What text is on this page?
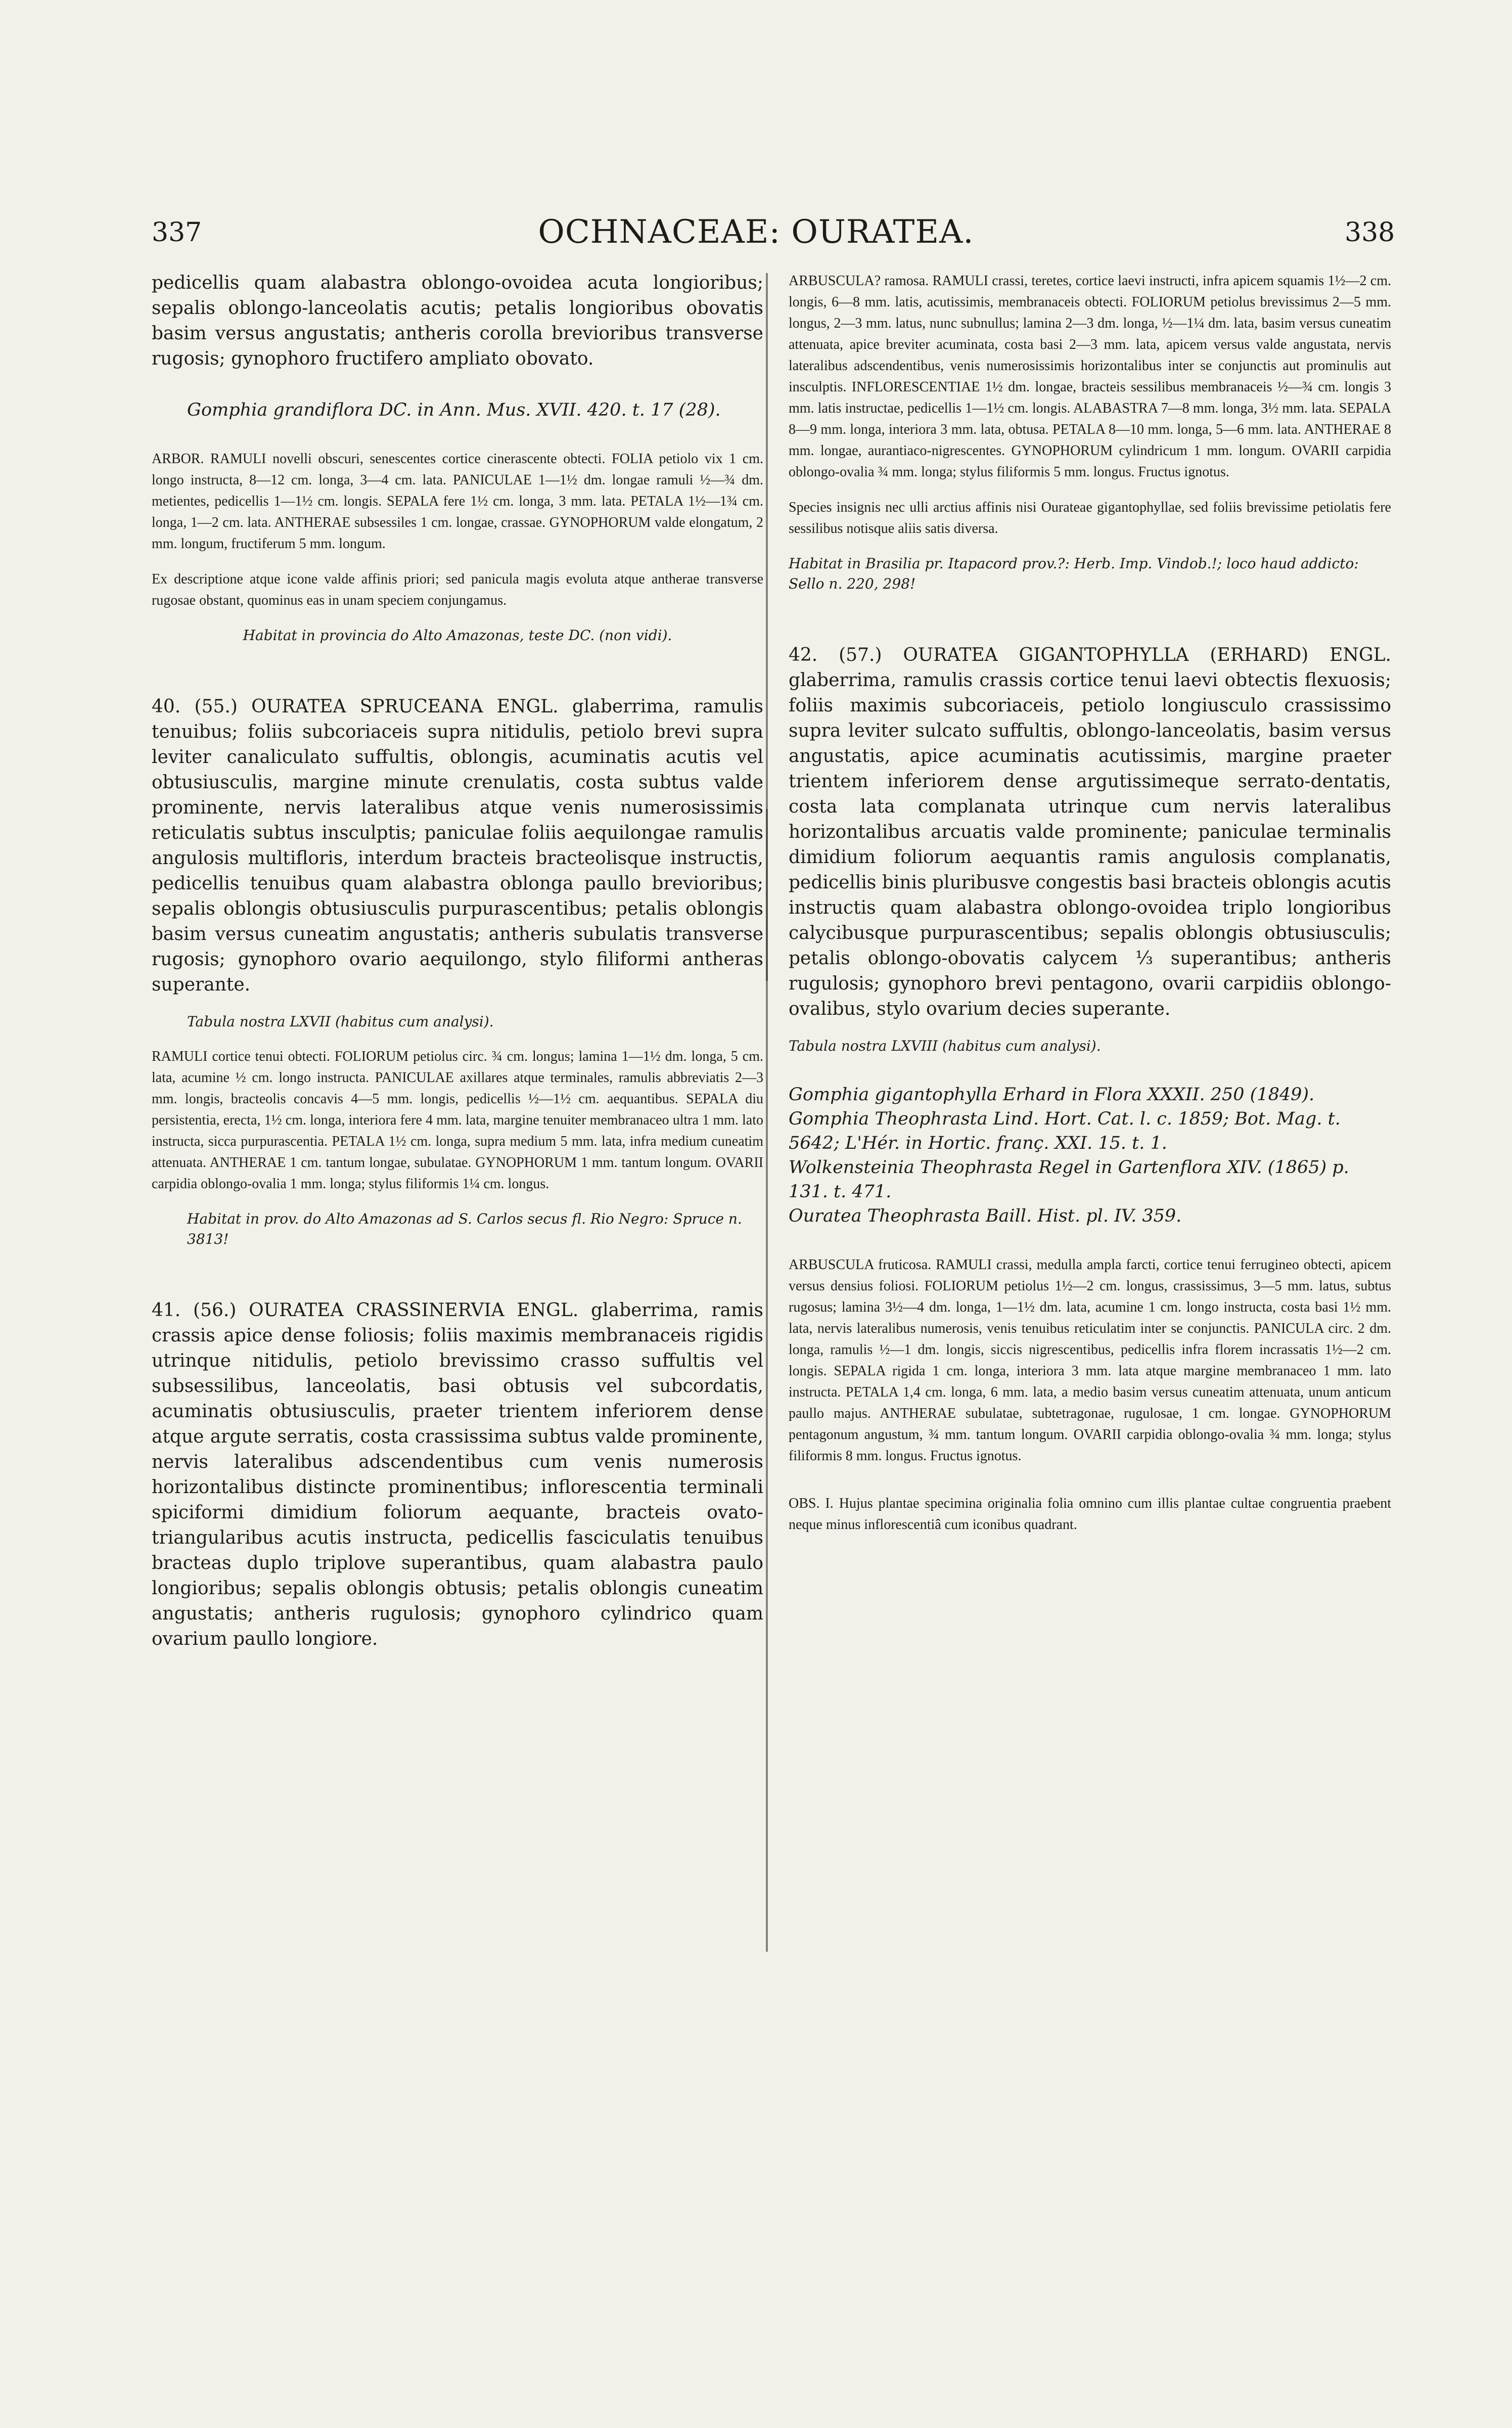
337	OCHNACEAE: OURATEA.	338

pedicellis quam alabastra oblongo-ovoidea acuta longioribus; sepalis oblongo-lanceolatis acutis; petalis longioribus obovatis basim versus angustatis; antheris corolla brevioribus transverse rugosis; gynophoro fructifero ampliato obovato.

Gomphia grandiflora DC. in Ann. Mus. XVII. 420. t. 17 (28).

ARBOR. RAMULI novelli obscuri, senescentes cortice cinerascente obtecti. FOLIA petiolo vix 1 cm. longo instructa, 8—12 cm. longa, 3—4 cm. lata. PANICULAE 1—1½ dm. longae ramuli ½—¾ dm. metientes, pedicellis 1—1½ cm. longis. SEPALA fere 1½ cm. longa, 3 mm. lata. PETALA 1½—1¾ cm. longa, 1—2 cm. lata. ANTHERAE subsessiles 1 cm. longae, crassae. GYNOPHORUM valde elongatum, 2 mm. longum, fructiferum 5 mm. longum.

Ex descriptione atque icone valde affinis priori; sed panicula magis evoluta atque antherae transverse rugosae obstant, quominus eas in unam speciem conjungamus.

Habitat in provincia do Alto Amazonas, teste DC. (non vidi).

40. (55.) OURATEA SPRUCEANA ENGL. glaberrima, ramulis tenuibus; foliis subcoriaceis supra nitidulis, petiolo brevi supra leviter canaliculato suffultis, oblongis, acuminatis acutis vel obtusiusculis, margine minute crenulatis, costa subtus valde prominente, nervis lateralibus atque venis numerosissimis reticulatis subtus insculptis; paniculae foliis aequilongae ramulis angulosis multifloris, interdum bracteis bracteolisque instructis, pedicellis tenuibus quam alabastra oblonga paullo brevioribus; sepalis oblongis obtusiusculis purpurascentibus; petalis oblongis basim versus cuneatim angustatis; antheris subulatis transverse rugosis; gynophoro ovario aequilongo, stylo filiformi antheras superante.

Tabula nostra LXVII (habitus cum analysi).

RAMULI cortice tenui obtecti. FOLIORUM petiolus circ. ¾ cm. longus; lamina 1—1½ dm. longa, 5 cm. lata, acumine ½ cm. longo instructa. PANICULAE axillares atque terminales, ramulis abbreviatis 2—3 mm. longis, bracteolis concavis 4—5 mm. longis, pedicellis ½—1½ cm. aequantibus. SEPALA diu persistentia, erecta, 1½ cm. longa, interiora fere 4 mm. lata, margine tenuiter membranaceo ultra 1 mm. lato instructa, sicca purpurascentia. PETALA 1½ cm. longa, supra medium 5 mm. lata, infra medium cuneatim attenuata. ANTHERAE 1 cm. tantum longae, subulatae. GYNOPHORUM 1 mm. tantum longum. OVARII carpidia oblongo-ovalia 1 mm. longa; stylus filiformis 1¼ cm. longus.

Habitat in prov. do Alto Amazonas ad S. Carlos secus fl. Rio Negro: Spruce n. 3813!

41. (56.) OURATEA CRASSINERVIA ENGL. glaberrima, ramis crassis apice dense foliosis; foliis maximis membranaceis rigidis utrinque nitidulis, petiolo brevissimo crasso suffultis vel subsessilibus, lanceolatis, basi obtusis vel subcordatis, acuminatis obtusiusculis, praeter trientem inferiorem dense atque argute serratis, costa crassissima subtus valde prominente, nervis lateralibus adscendentibus cum venis numerosis horizontalibus distincte prominentibus; inflorescentia terminali spiciformi dimidium foliorum aequante, bracteis ovato-triangularibus acutis instructa, pedicellis fasciculatis tenuibus bracteas duplo triplove superantibus, quam alabastra paulo longioribus; sepalis oblongis obtusis; petalis oblongis cuneatim angustatis; antheris rugulosis; gynophoro cylindrico quam ovarium paullo longiore.

ARBUSCULA? ramosa. RAMULI crassi, teretes, cortice laevi instructi, infra apicem squamis 1½—2 cm. longis, 6—8 mm. latis, acutissimis, membranaceis obtecti. FOLIORUM petiolus brevissimus 2—5 mm. longus, 2—3 mm. latus, nunc subnullus; lamina 2—3 dm. longa, ½—1¼ dm. lata, basim versus cuneatim attenuata, apice breviter acuminata, costa basi 2—3 mm. lata, apicem versus valde angustata, nervis lateralibus adscendentibus, venis numerosissimis horizontalibus inter se conjunctis aut prominulis aut insculptis. INFLORESCENTIAE 1½ dm. longae, bracteis sessilibus membranaceis ½—¾ cm. longis 3 mm. latis instructae, pedicellis 1—1½ cm. longis. ALABASTRA 7—8 mm. longa, 3½ mm. lata. SEPALA 8—9 mm. longa, interiora 3 mm. lata, obtusa. PETALA 8—10 mm. longa, 5—6 mm. lata. ANTHERAE 8 mm. longae, aurantiaco-nigrescentes. GYNOPHORUM cylindricum 1 mm. longum. OVARII carpidia oblongo-ovalia ¾ mm. longa; stylus filiformis 5 mm. longus. Fructus ignotus.

Species insignis nec ulli arctius affinis nisi Ourateae gigantophyllae, sed foliis brevissime petiolatis fere sessilibus notisque aliis satis diversa.

Habitat in Brasilia pr. Itapacord prov.?: Herb. Imp. Vindob.!; loco haud addicto: Sello n. 220, 298!

42. (57.) OURATEA GIGANTOPHYLLA (ERHARD) ENGL. glaberrima, ramulis crassis cortice tenui laevi obtectis flexuosis; foliis maximis subcoriaceis, petiolo longiusculo crassissimo supra leviter sulcato suffultis, oblongo-lanceolatis, basim versus angustatis, apice acuminatis acutissimis, margine praeter trientem inferiorem dense argutissimeque serrato-dentatis, costa lata complanata utrinque cum nervis lateralibus horizontalibus arcuatis valde prominente; paniculae terminalis dimidium foliorum aequantis ramis angulosis complanatis, pedicellis binis pluribusve congestis basi bracteis oblongis acutis instructis quam alabastra oblongo-ovoidea triplo longioribus calycibusque purpurascentibus; sepalis oblongis obtusiusculis; petalis oblongo-obovatis calycem ⅓ superantibus; antheris rugulosis; gynophoro brevi pentagono, ovarii carpidiis oblongo-ovalibus, stylo ovarium decies superante.

Tabula nostra LXVIII (habitus cum analysi).

Gomphia gigantophylla Erhard in Flora XXXII. 250 (1849).

Gomphia Theophrasta Lind. Hort. Cat. l. c. 1859; Bot. Mag. t. 5642; L'Hér. in Hortic. franç. XXI. 15. t. 1.

Wolkensteinia Theophrasta Regel in Gartenflora XIV. (1865) p. 131. t. 471.

Ouratea Theophrasta Baill. Hist. pl. IV. 359.

ARBUSCULA fruticosa. RAMULI crassi, medulla ampla farcti, cortice tenui ferrugineo obtecti, apicem versus densius foliosi. FOLIORUM petiolus 1½—2 cm. longus, crassissimus, 3—5 mm. latus, subtus rugosus; lamina 3½—4 dm. longa, 1—1½ dm. lata, acumine 1 cm. longo instructa, costa basi 1½ mm. lata, nervis lateralibus numerosis, venis tenuibus reticulatim inter se conjunctis. PANICULA circ. 2 dm. longa, ramulis ½—1 dm. longis, siccis nigrescentibus, pedicellis infra florem incrassatis 1½—2 cm. longis. SEPALA rigida 1 cm. longa, interiora 3 mm. lata atque margine membranaceo 1 mm. lato instructa. PETALA 1,4 cm. longa, 6 mm. lata, a medio basim versus cuneatim attenuata, unum anticum paullo majus. ANTHERAE subulatae, subtetragonae, rugulosae, 1 cm. longae. GYNOPHORUM pentagonum angustum, ¾ mm. tantum longum. OVARII carpidia oblongo-ovalia ¾ mm. longa; stylus filiformis 8 mm. longus. Fructus ignotus.

OBS. I. Hujus plantae specimina originalia folia omnino cum illis plantae cultae congruentia praebent neque minus inflorescentiâ cum iconibus quadrant.
